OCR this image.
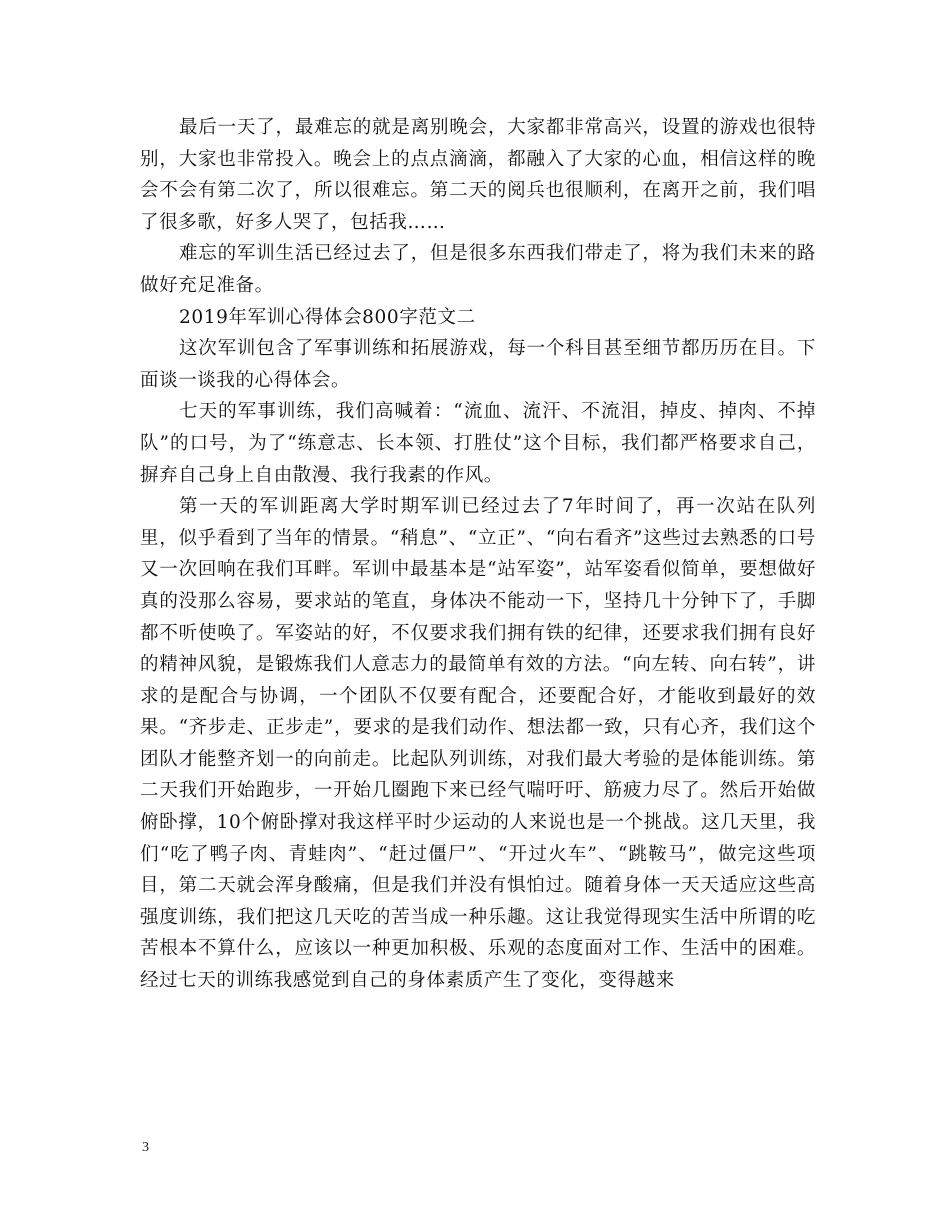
最后一天了，最难忘的就是离别晚会，大家都非常高兴，设置的游戏也很特别，大家也非常投入。晚会上的点点滴滴，都融入了大家的心血，相信这样的晚会不会有第二次了，所以很难忘。第二天的阅兵也很顺利，在离开之前，我们唱了很多歌，好多人哭了，包括我……

难忘的军训生活已经过去了，但是很多东西我们带走了，将为我们未来的路做好充足准备。

2019年军训心得体会800字范文二

这次军训包含了军事训练和拓展游戏，每一个科目甚至细节都历历在目。下面谈一谈我的心得体会。

七天的军事训练，我们高喊着：“流血、流汗、不流泪，掉皮、掉肉、不掉队”的口号，为了“练意志、长本领、打胜仗”这个目标，我们都严格要求自己，摒弃自己身上自由散漫、我行我素的作风。

第一天的军训距离大学时期军训已经过去了7年时间了，再一次站在队列里，似乎看到了当年的情景。“稍息”、“立正”、“向右看齐”这些过去熟悉的口号又一次回响在我们耳畔。军训中最基本是“站军姿”，站军姿看似简单，要想做好真的没那么容易，要求站的笔直，身体决不能动一下，坚持几十分钟下了，手脚都不听使唤了。军姿站的好，不仅要求我们拥有铁的纪律，还要求我们拥有良好的精神风貌，是锻炼我们人意志力的最简单有效的方法。“向左转、向右转”，讲求的是配合与协调，一个团队不仅要有配合，还要配合好，才能收到最好的效果。“齐步走、正步走”，要求的是我们动作、想法都一致，只有心齐，我们这个团队才能整齐划一的向前走。比起队列训练，对我们最大考验的是体能训练。第二天我们开始跑步，一开始几圈跑下来已经气喘吁吁、筋疲力尽了。然后开始做俯卧撑，10个俯卧撑对我这样平时少运动的人来说也是一个挑战。这几天里，我们“吃了鸭子肉、青蛙肉”、“赶过僵尸”、“开过火车”、“跳鞍马”，做完这些项目，第二天就会浑身酸痛，但是我们并没有惧怕过。随着身体一天天适应这些高强度训练，我们把这几天吃的苦当成一种乐趣。这让我觉得现实生活中所谓的吃苦根本不算什么，应该以一种更加积极、乐观的态度面对工作、生活中的困难。经过七天的训练我感觉到自己的身体素质产生了变化，变得越来

3
